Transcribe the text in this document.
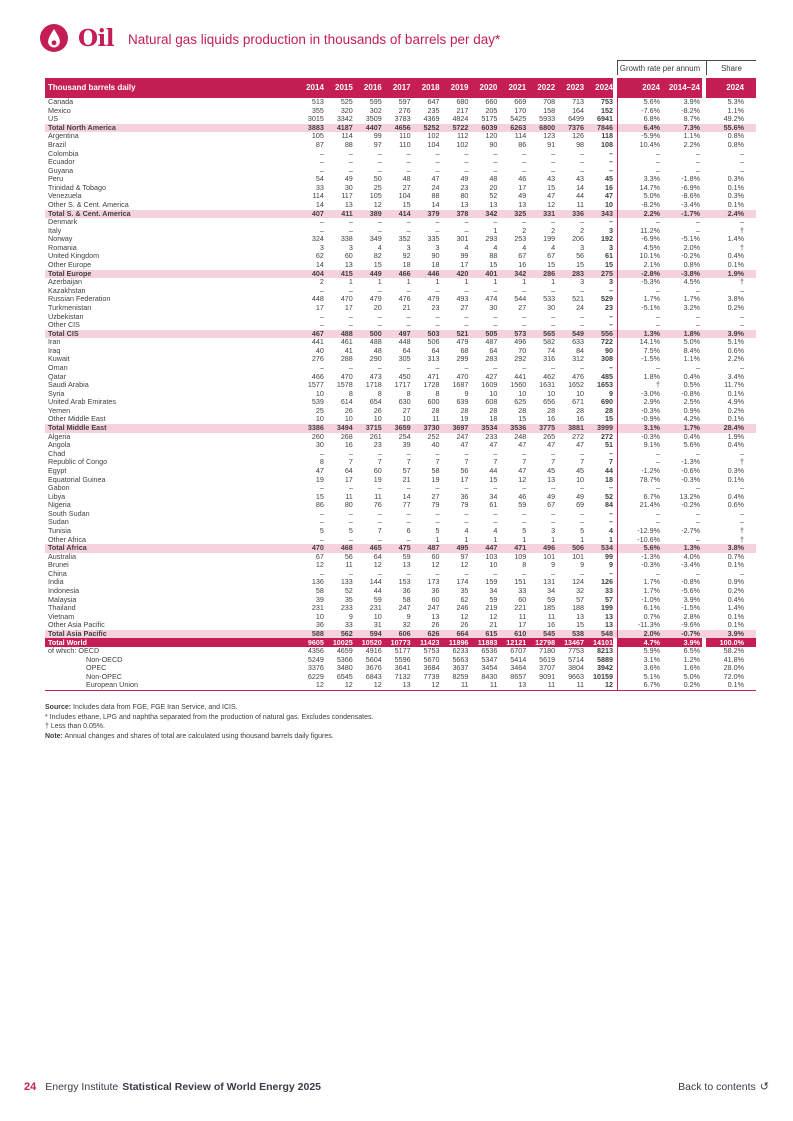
Oil Natural gas liquids production in thousands of barrels per day*
Growth rate per annum	Share
Thousand barrels daily	2014	2015	2016	2017	2018	2019	2020	2021	2022	2023	2024	2024	2014–24	2024
Canada	513	525	595	597	647	680	660	669	708	713	753	5.6%	3.9%	5.3%
Mexico	355	320	302	276	235	217	205	170	158	164	152	-7.6%	-8.2%	1.1%
US	3015	3342	3509	3783	4369	4824	5175	5425	5933	6499	6941	6.8%	8.7%	49.2%
Total North America	3883	4187	4407	4656	5252	5722	6039	6263	6800	7376	7846	6.4%	7.3%	55.6%
Argentina	105	114	99	110	102	112	120	114	123	126	118	-5.9%	1.1%	0.8%
Brazil	87	88	97	110	104	102	90	86	91	98	108	10.4%	2.2%	0.8%
Colombia	–	–	–	–	–	–	–	–	–	–	–	–	–	–
Ecuador	–	–	–	–	–	–	–	–	–	–	–	–	–	–
Guyana	–	–	–	–	–	–	–	–	–	–	–	–	–	–
Peru	54	49	50	48	47	49	48	46	43	43	45	3.3%	-1.8%	0.3%
Trinidad & Tobago	33	30	25	27	24	23	20	17	15	14	16	14.7%	-6.9%	0.1%
Venezuela	114	117	105	104	88	80	52	49	47	44	47	5.0%	-8.6%	0.3%
Other S. & Cent. America	14	13	12	15	14	13	13	13	12	11	10	-8.2%	-3.4%	0.1%
Total S. & Cent. America	407	411	389	414	379	378	342	325	331	336	343	2.2%	-1.7%	2.4%
Denmark	–	–	–	–	–	–	–	–	–	–	–	–	–	–
Italy	–	–	–	–	–	–	1	2	2	2	3	11.2%	–	†
Norway	324	338	349	352	335	301	293	253	199	206	192	-6.9%	-5.1%	1.4%
Romania	3	3	4	3	3	4	4	4	4	3	3	4.5%	2.0%	†
United Kingdom	62	60	82	92	90	99	88	67	67	56	61	10.1%	-0.2%	0.4%
Other Europe	14	13	15	18	18	17	15	16	15	15	15	2.1%	0.8%	0.1%
Total Europe	404	415	449	466	446	420	401	342	286	283	275	-2.8%	-3.8%	1.9%
Azerbaijan	2	1	1	1	1	1	1	1	1	3	3	-5.3%	4.5%	†
Kazakhstan	–	–	–	–	–	–	–	–	–	–	–	–	–	–
Russian Federation	448	470	479	476	479	493	474	544	533	521	529	1.7%	1.7%	3.8%
Turkmenistan	17	17	20	21	23	27	30	27	30	24	23	-5.1%	3.2%	0.2%
Uzbekistan	–	–	–	–	–	–	–	–	–	–	–	–	–	–
Other CIS	–	–	–	–	–	–	–	–	–	–	–	–	–	–
Total CIS	467	488	500	497	503	521	505	573	565	549	556	1.3%	1.8%	3.9%
Iran	441	461	488	448	506	479	487	496	582	633	722	14.1%	5.0%	5.1%
Iraq	40	41	48	64	64	68	64	70	74	84	90	7.5%	8.4%	0.6%
Kuwait	276	288	290	305	313	299	283	292	316	312	308	-1.5%	1.1%	2.2%
Oman	–	–	–	–	–	–	–	–	–	–	–	–	–	–
Qatar	466	470	473	450	471	470	427	441	462	476	485	1.8%	0.4%	3.4%
Saudi Arabia	1577	1578	1718	1717	1728	1687	1609	1560	1631	1652	1653	†	0.5%	11.7%
Syria	10	8	8	8	8	9	10	10	10	10	9	-3.0%	-0.8%	0.1%
United Arab Emirates	539	614	654	630	600	639	608	625	656	671	690	2.9%	2.5%	4.9%
Yemen	25	26	26	27	28	28	28	28	28	28	28	-0.3%	0.9%	0.2%
Other Middle East	10	10	10	10	11	19	18	15	16	16	15	-0.9%	4.2%	0.1%
Total Middle East	3386	3494	3715	3659	3730	3697	3534	3536	3775	3881	3999	3.1%	1.7%	28.4%
Algeria	260	268	261	254	252	247	233	248	265	272	272	-0.3%	0.4%	1.9%
Angola	30	16	23	39	40	47	47	47	47	47	51	9.1%	5.6%	0.4%
Chad	–	–	–	–	–	–	–	–	–	–	–	–	–	–
Republic of Congo	8	7	7	7	7	7	7	7	7	7	7	–	-1.3%	†
Egypt	47	64	60	57	58	56	44	47	45	45	44	-1.2%	-0.6%	0.3%
Equatorial Guinea	19	17	19	21	19	17	15	12	13	10	18	78.7%	-0.3%	0.1%
Gabon	–	–	–	–	–	–	–	–	–	–	–	–	–	–
Libya	15	11	11	14	27	36	34	46	49	49	52	6.7%	13.2%	0.4%
Nigeria	86	80	76	77	79	79	61	59	67	69	84	21.4%	-0.2%	0.6%
South Sudan	–	–	–	–	–	–	–	–	–	–	–	–	–	–
Sudan	–	–	–	–	–	–	–	–	–	–	–	–	–	–
Tunisia	5	5	7	6	5	4	4	5	3	5	4	-12.9%	-2.7%	†
Other Africa	–	–	–	–	1	1	1	1	1	1	1	-10.6%	–	†
Total Africa	470	468	465	475	487	495	447	471	496	506	534	5.6%	1.3%	3.8%
Australia	67	56	64	59	60	97	103	109	101	101	99	-1.3%	4.0%	0.7%
Brunei	12	11	12	13	12	12	10	8	9	9	9	-0.3%	-3.4%	0.1%
China	–	–	–	–	–	–	–	–	–	–	–	–	–	–
India	136	133	144	153	173	174	159	151	131	124	126	1.7%	-0.8%	0.9%
Indonesia	58	52	44	36	36	35	34	33	34	32	33	1.7%	-5.6%	0.2%
Malaysia	39	35	59	58	60	62	59	60	59	57	57	-1.0%	3.9%	0.4%
Thailand	231	233	231	247	247	246	219	221	185	188	199	6.1%	-1.5%	1.4%
Vietnam	10	9	10	9	13	12	12	11	11	13	13	0.7%	2.8%	0.1%
Other Asia Pacific	36	33	31	32	26	26	21	17	16	15	13	-11.3%	-9.6%	0.1%
Total Asia Pacific	588	562	594	606	626	664	615	610	545	538	548	2.0%	-0.7%	3.9%
Total World	9605	10025	10520	10773	11423	11896	11883	12121	12798	13467	14101	4.7%	3.9%	100.0%
of which: OECD	4356	4659	4916	5177	5753	6233	6536	6707	7180	7753	8213	5.9%	6.5%	58.2%
Non-OECD	5249	5366	5604	5596	5670	5663	5347	5414	5619	5714	5889	3.1%	1.2%	41.8%
OPEC	3376	3480	3676	3641	3684	3637	3454	3464	3707	3804	3942	3.6%	1.6%	28.0%
Non-OPEC	6229	6545	6843	7132	7739	8259	8430	8657	9091	9663	10159	5.1%	5.0%	72.0%
European Union	12	12	12	13	12	11	11	13	11	11	12	6.7%	0.2%	0.1%
Source: Includes data from FGE, FGE Iran Service, and ICIS.
* Includes ethane, LPG and naphtha separated from the production of natural gas. Excludes condensates.
† Less than 0.05%.
Note: Annual changes and shares of total are calculated using thousand barrels daily figures.
24 Energy Institute Statistical Review of World Energy 2025	Back to contents ↺
